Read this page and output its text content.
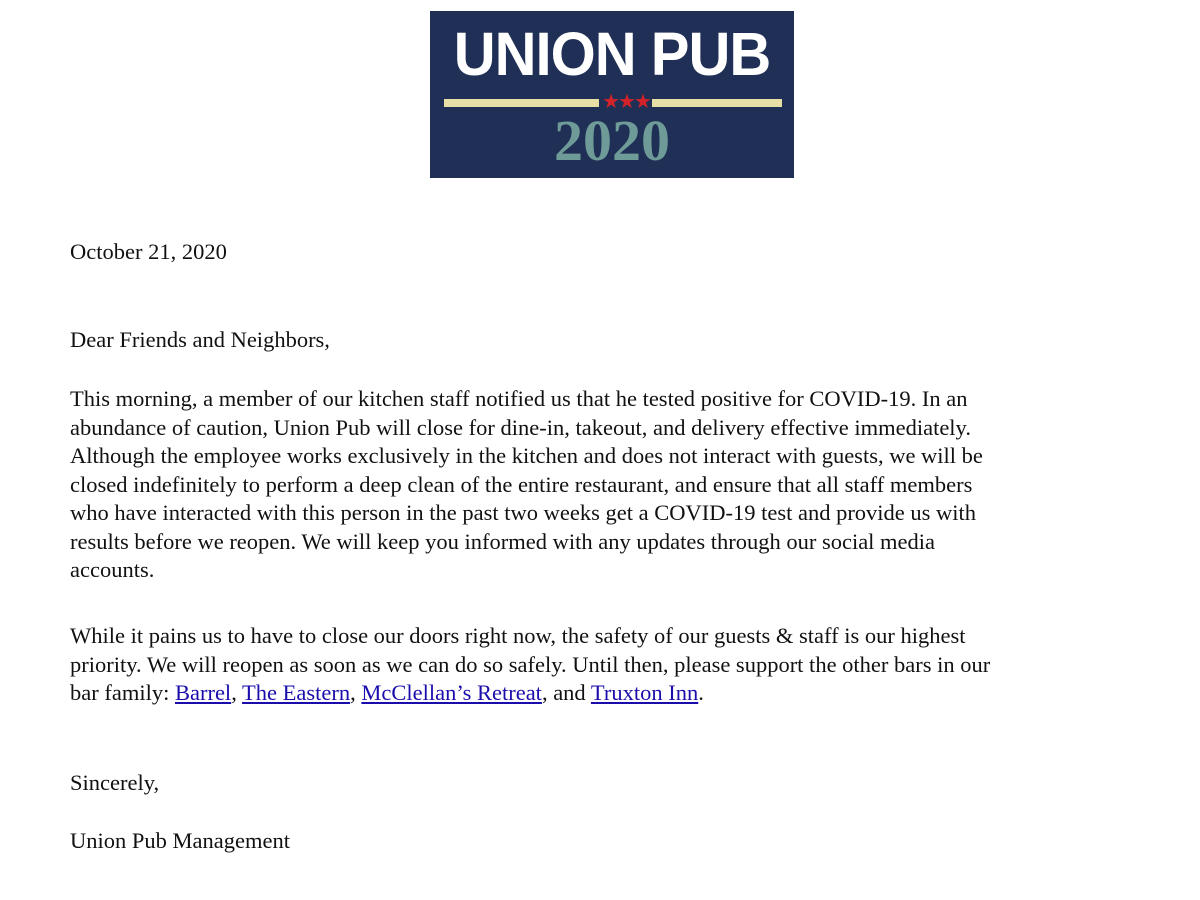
UNION PUB
★★★
2020
October 21, 2020
Dear Friends and Neighbors,
This morning, a member of our kitchen staff notified us that he tested positive for COVID-19. In an
abundance of caution, Union Pub will close for dine-in, takeout, and delivery effective immediately.
Although the employee works exclusively in the kitchen and does not interact with guests, we will be
closed indefinitely to perform a deep clean of the entire restaurant, and ensure that all staff members
who have interacted with this person in the past two weeks get a COVID-19 test and provide us with
results before we reopen. We will keep you informed with any updates through our social media
accounts.
While it pains us to have to close our doors right now, the safety of our guests & staff is our highest
priority. We will reopen as soon as we can do so safely. Until then, please support the other bars in our
bar family: Barrel, The Eastern, McClellan’s Retreat, and Truxton Inn.
Sincerely,
Union Pub Management
